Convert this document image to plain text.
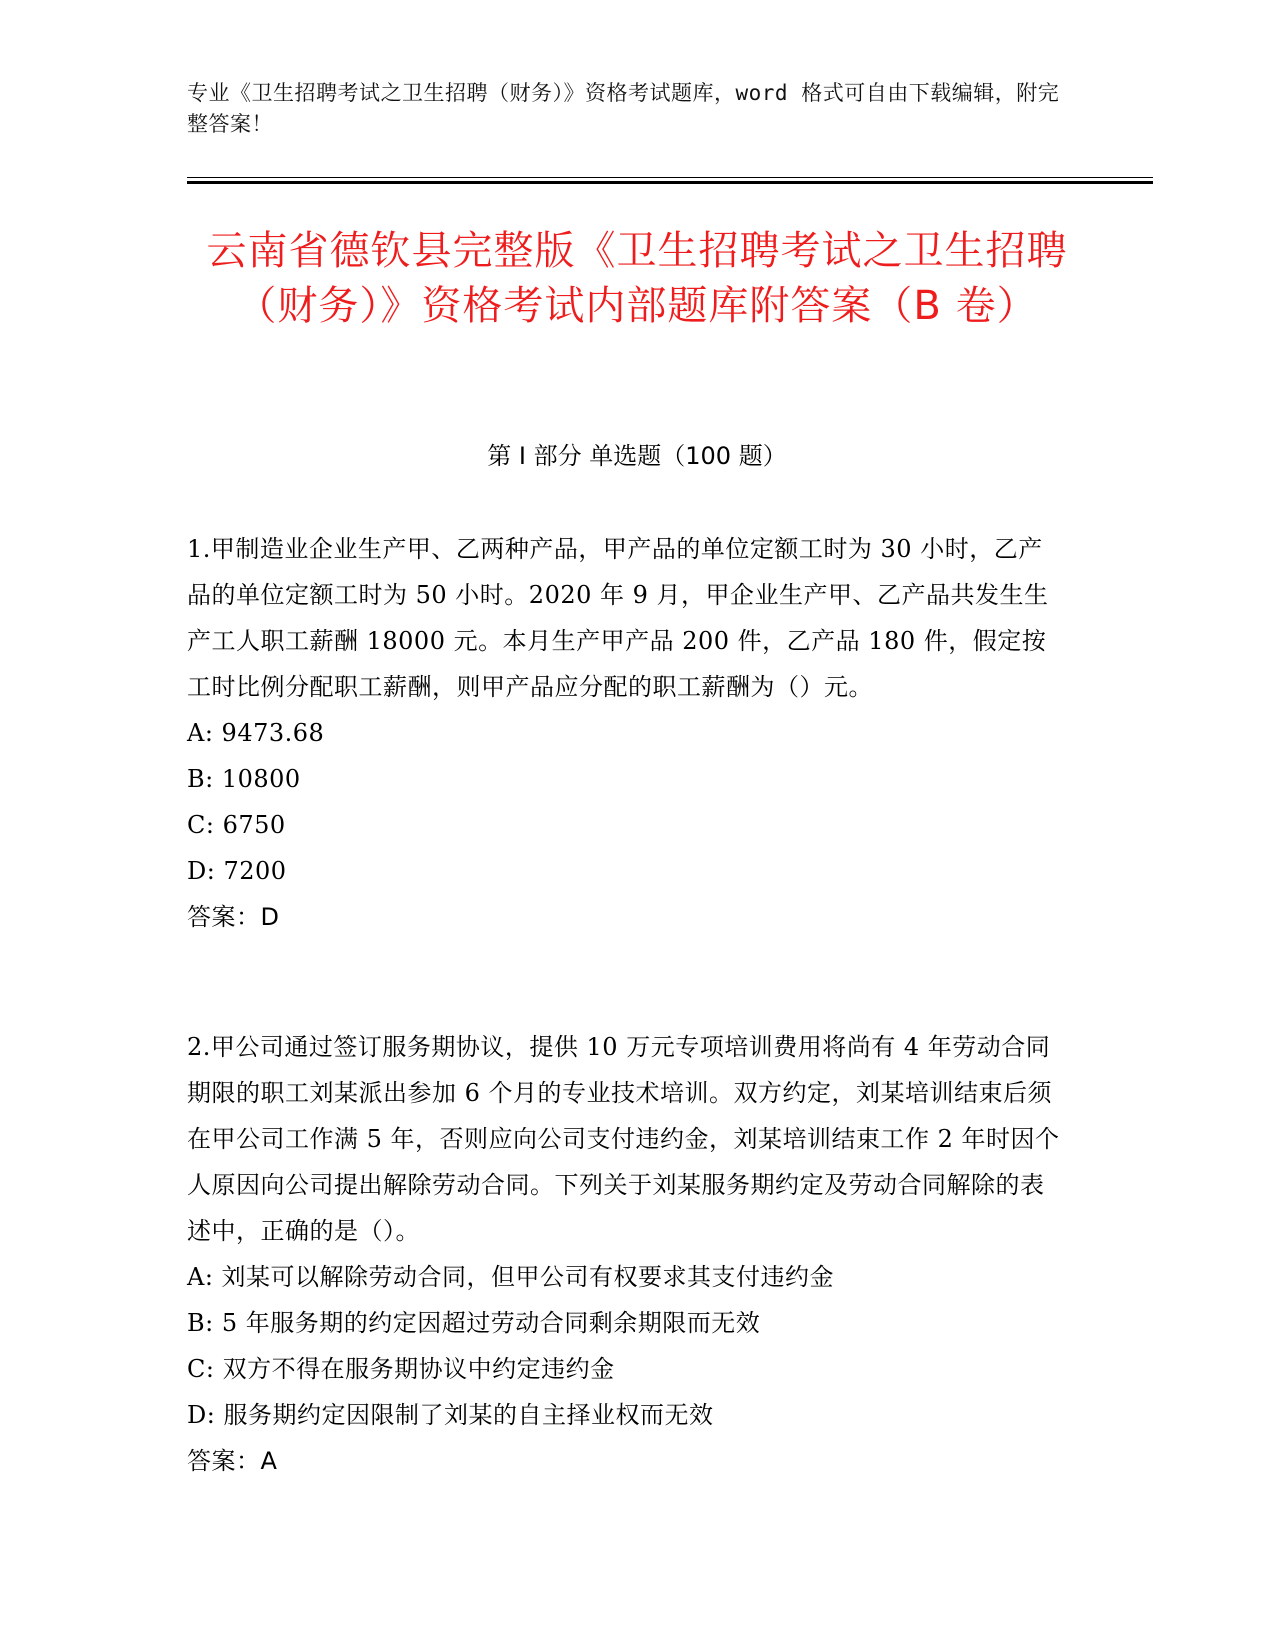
专业《卫生招聘考试之卫生招聘（财务）》资格考试题库，word 格式可自由下载编辑，附完整答案！
云南省德钦县完整版《卫生招聘考试之卫生招聘（财务）》资格考试内部题库附答案（B 卷）
第 I 部分 单选题（100 题）

1.甲制造业企业生产甲、乙两种产品，甲产品的单位定额工时为 30 小时，乙产品的单位定额工时为 50 小时。2020 年 9 月，甲企业生产甲、乙产品共发生生产工人职工薪酬 18000 元。本月生产甲产品 200 件，乙产品 180 件，假定按工时比例分配职工薪酬，则甲产品应分配的职工薪酬为（）元。

A: 9473.68

B: 10800

C: 6750

D: 7200

答案：D

2.甲公司通过签订服务期协议，提供 10 万元专项培训费用将尚有 4 年劳动合同期限的职工刘某派出参加 6 个月的专业技术培训。双方约定，刘某培训结束后须在甲公司工作满 5 年，否则应向公司支付违约金，刘某培训结束工作 2 年时因个人原因向公司提出解除劳动合同。下列关于刘某服务期约定及劳动合同解除的表述中，正确的是（）。

A: 刘某可以解除劳动合同，但甲公司有权要求其支付违约金

B: 5 年服务期的约定因超过劳动合同剩余期限而无效

C: 双方不得在服务期协议中约定违约金

D: 服务期约定因限制了刘某的自主择业权而无效

答案：A
